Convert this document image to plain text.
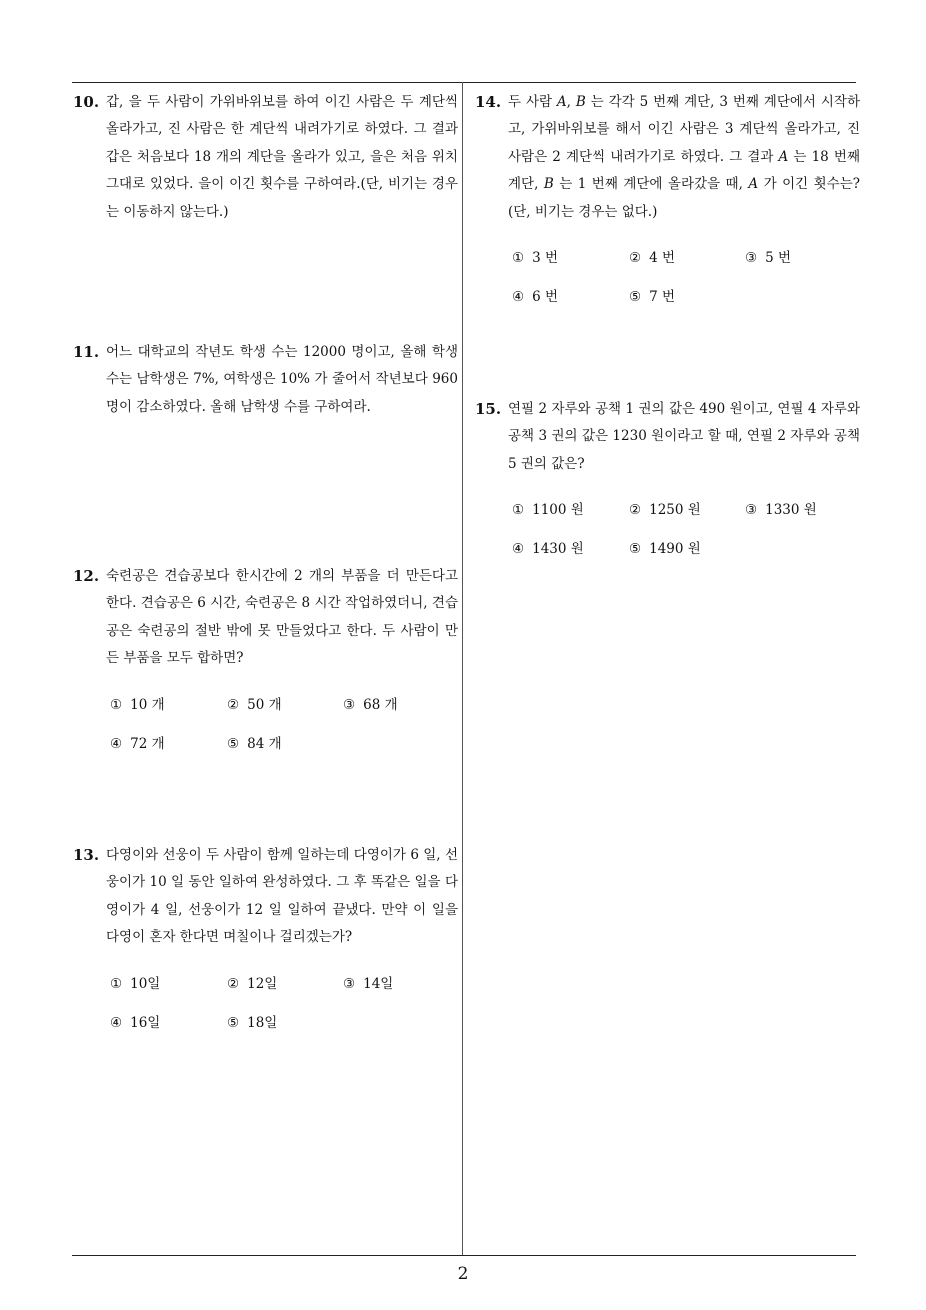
10. 갑, 을 두 사람이 가위바위보를 하여 이긴 사람은 두 계단씩 올라가고, 진 사람은 한 계단씩 내려가기로 하였다. 그 결과 갑은 처음보다 18 개의 계단을 올라가 있고, 을은 처음 위치 그대로 있었다. 을이 이긴 횟수를 구하여라.(단, 비기는 경우는 이동하지 않는다.)

11. 어느 대학교의 작년도 학생 수는 12000 명이고, 올해 학생 수는 남학생은 7%, 여학생은 10% 가 줄어서 작년보다 960 명이 감소하였다. 올해 남학생 수를 구하여라.

12. 숙련공은 견습공보다 한시간에 2 개의 부품을 더 만든다고 한다. 견습공은 6 시간, 숙련공은 8 시간 작업하였더니, 견습공은 숙련공의 절반 밖에 못 만들었다고 한다. 두 사람이 만든 부품을 모두 합하면?

① 10 개	② 50 개	③ 68 개
④ 72 개	⑤ 84 개
13. 다영이와 선웅이 두 사람이 함께 일하는데 다영이가 6 일, 선웅이가 10 일 동안 일하여 완성하였다. 그 후 똑같은 일을 다영이가 4 일, 선웅이가 12 일 일하여 끝냈다. 만약 이 일을 다영이 혼자 한다면 며칠이나 걸리겠는가?

① 10일	② 12일	③ 14일
④ 16일	⑤ 18일
14. 두 사람 A, B 는 각각 5 번째 계단, 3 번째 계단에서 시작하고, 가위바위보를 해서 이긴 사람은 3 계단씩 올라가고, 진 사람은 2 계단씩 내려가기로 하였다. 그 결과 A 는 18 번째 계단, B 는 1 번째 계단에 올라갔을 때, A 가 이긴 횟수는? (단, 비기는 경우는 없다.)

① 3 번	② 4 번	③ 5 번
④ 6 번	⑤ 7 번
15. 연필 2 자루와 공책 1 권의 값은 490 원이고, 연필 4 자루와 공책 3 권의 값은 1230 원이라고 할 때, 연필 2 자루와 공책 5 권의 값은?

① 1100 원	② 1250 원	③ 1330 원
④ 1430 원	⑤ 1490 원
2
